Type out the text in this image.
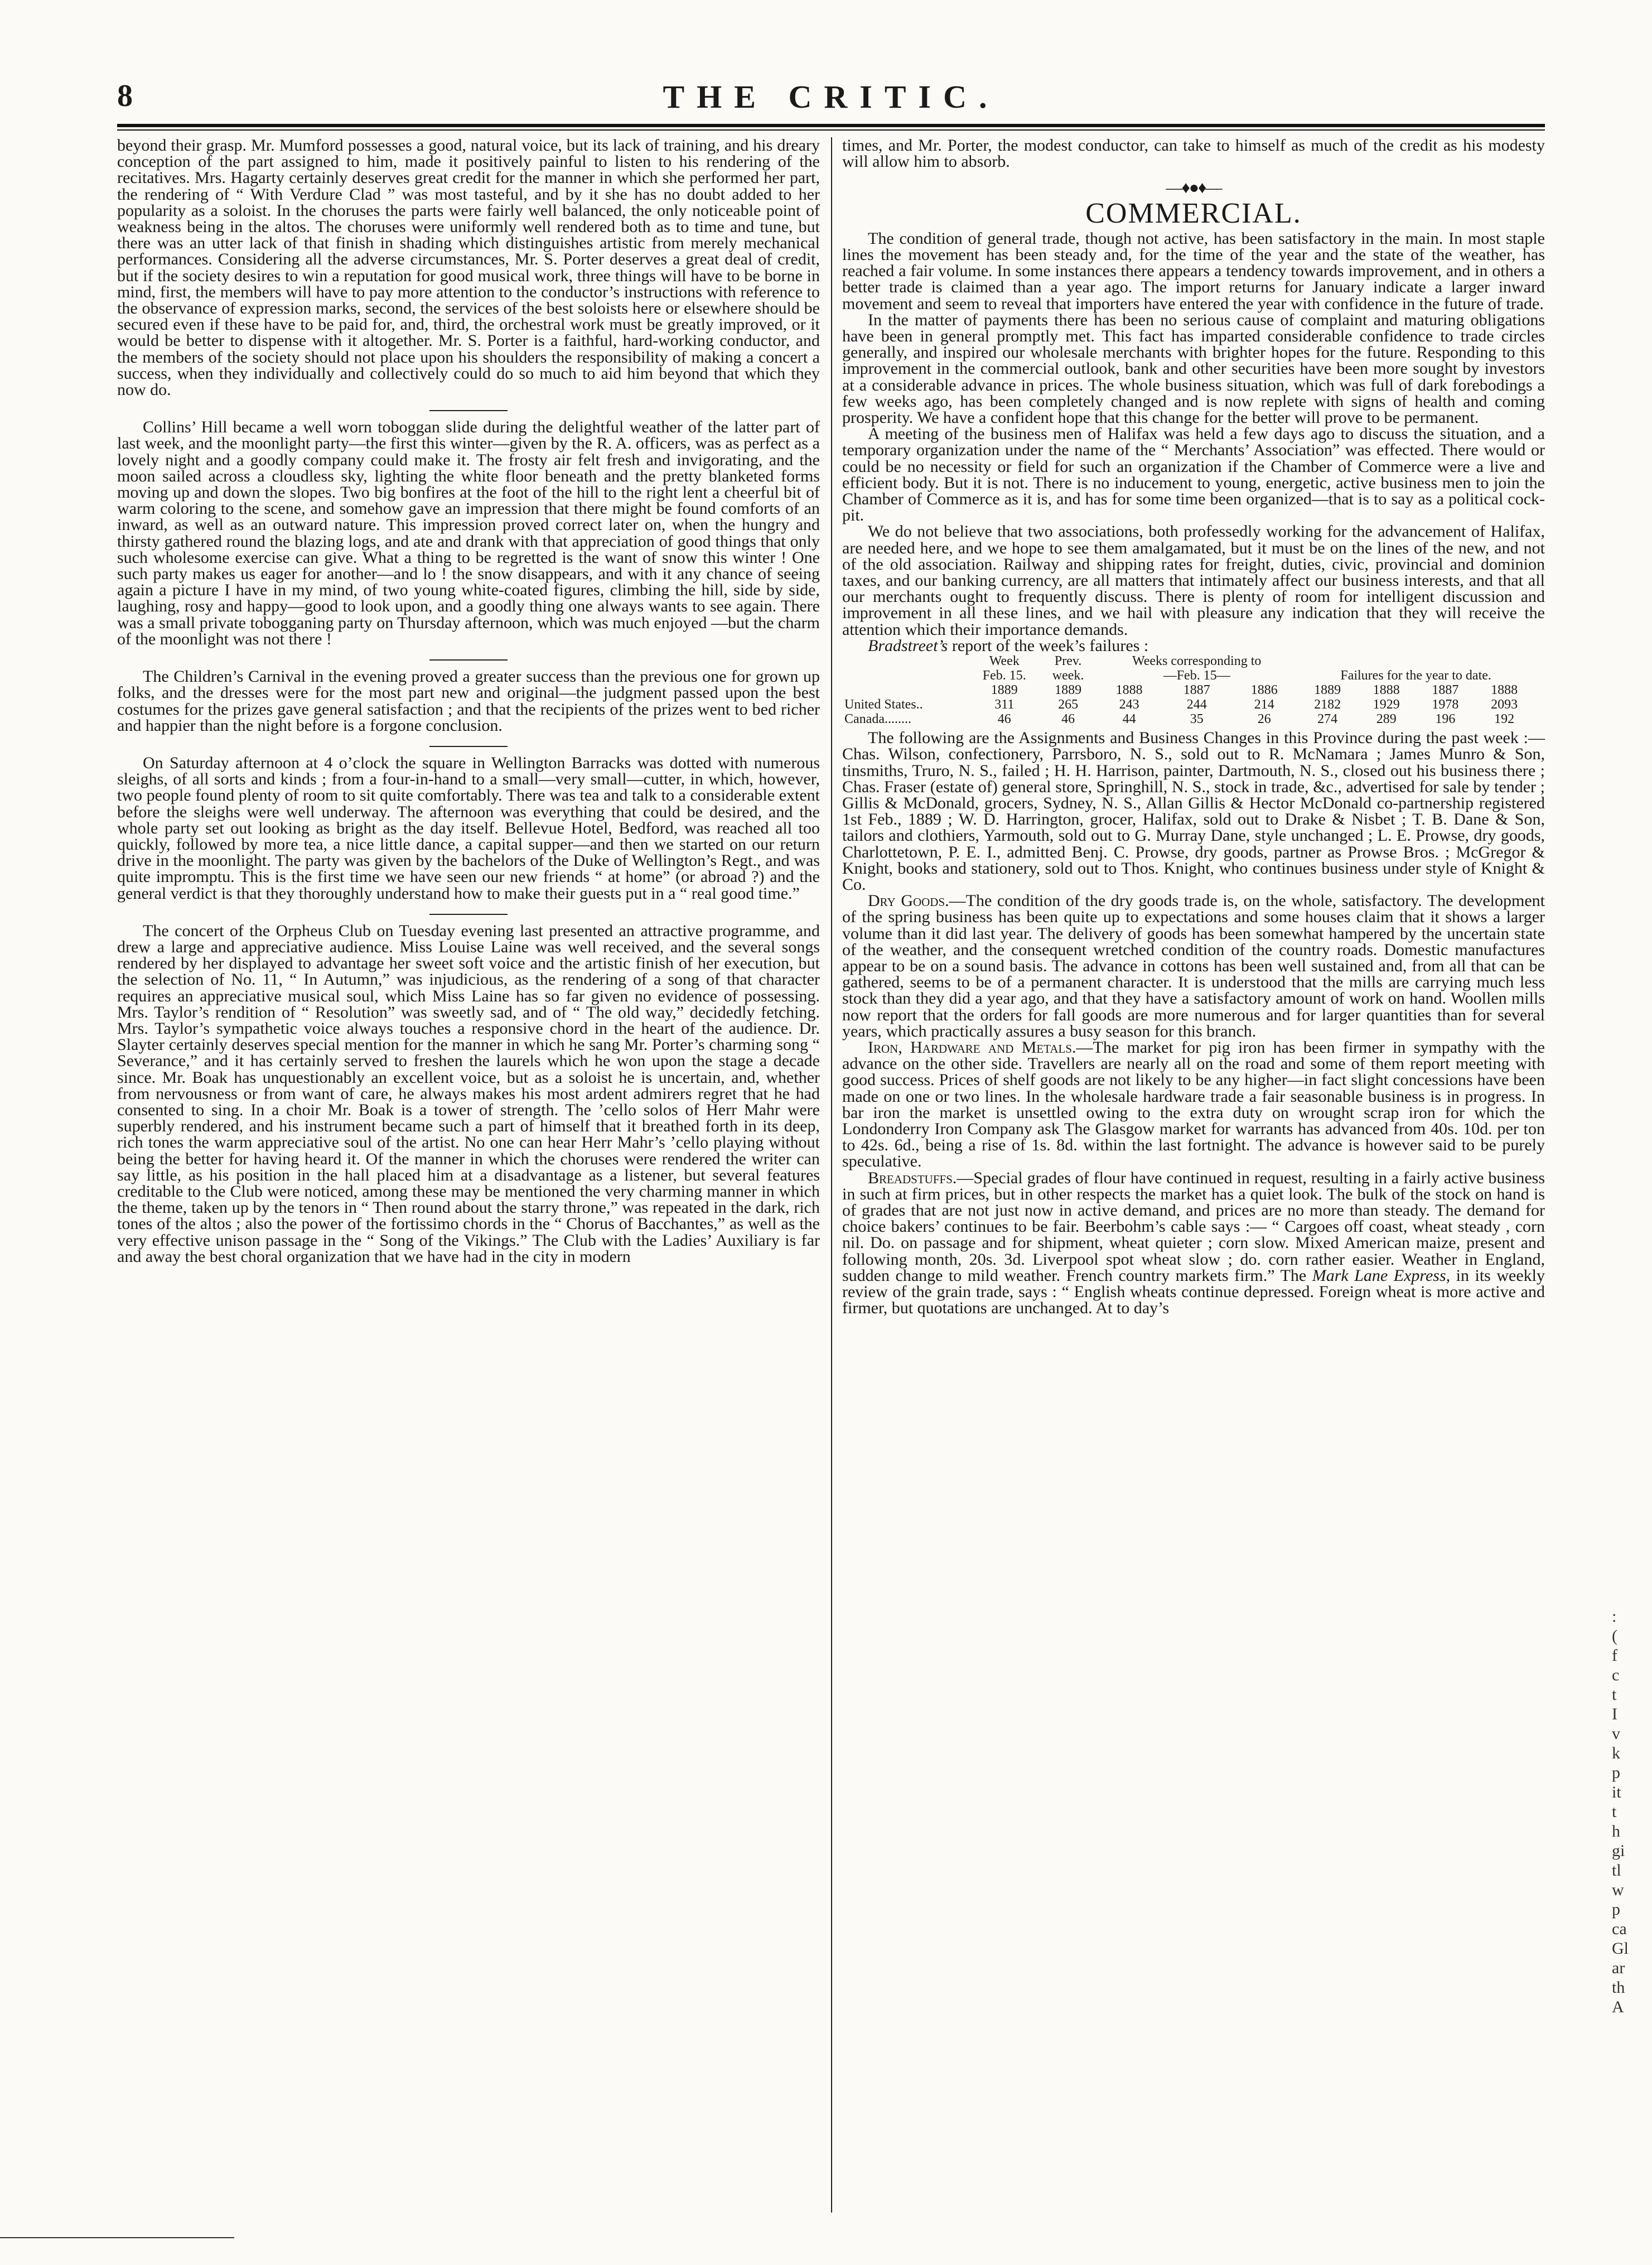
8	THE CRITIC.

beyond their grasp. Mr. Mumford possesses a good, natural voice, but its lack of training, and his dreary conception of the part assigned to him, made it positively painful to listen to his rendering of the recitatives. Mrs. Hagarty certainly deserves great credit for the manner in which she performed her part, the rendering of “ With Verdure Clad ” was most tasteful, and by it she has no doubt added to her popularity as a soloist. In the choruses the parts were fairly well balanced, the only noticeable point of weakness being in the altos. The choruses were uniformly well rendered both as to time and tune, but there was an utter lack of that finish in shading which distinguishes artistic from merely mechanical performances. Considering all the adverse circumstances, Mr. S. Porter deserves a great deal of credit, but if the society desires to win a reputation for good musical work, three things will have to be borne in mind, first, the members will have to pay more attention to the conductor’s instructions with reference to the observance of expression marks, second, the services of the best soloists here or elsewhere should be secured even if these have to be paid for, and, third, the orchestral work must be greatly improved, or it would be better to dispense with it altogether. Mr. S. Porter is a faithful, hard-working conductor, and the members of the society should not place upon his shoulders the responsibility of making a concert a success, when they individually and collectively could do so much to aid him beyond that which they now do.

Collins’ Hill became a well worn toboggan slide during the delightful weather of the latter part of last week, and the moonlight party—the first this winter—given by the R. A. officers, was as perfect as a lovely night and a goodly company could make it. The frosty air felt fresh and invigorating, and the moon sailed across a cloudless sky, lighting the white floor beneath and the pretty blanketed forms moving up and down the slopes. Two big bonfires at the foot of the hill to the right lent a cheerful bit of warm coloring to the scene, and somehow gave an impression that there might be found comforts of an inward, as well as an outward nature. This impression proved correct later on, when the hungry and thirsty gathered round the blazing logs, and ate and drank with that appreciation of good things that only such wholesome exercise can give. What a thing to be regretted is the want of snow this winter ! One such party makes us eager for another—and lo ! the snow disappears, and with it any chance of seeing again a picture I have in my mind, of two young white-coated figures, climbing the hill, side by side, laughing, rosy and happy—good to look upon, and a goodly thing one always wants to see again. There was a small private tobogganing party on Thursday afternoon, which was much enjoyed —but the charm of the moonlight was not there !

The Children’s Carnival in the evening proved a greater success than the previous one for grown up folks, and the dresses were for the most part new and original—the judgment passed upon the best costumes for the prizes gave general satisfaction ; and that the recipients of the prizes went to bed richer and happier than the night before is a forgone conclusion.

On Saturday afternoon at 4 o’clock the square in Wellington Barracks was dotted with numerous sleighs, of all sorts and kinds ; from a four-in-hand to a small—very small—cutter, in which, however, two people found plenty of room to sit quite comfortably. There was tea and talk to a considerable extent before the sleighs were well underway. The afternoon was everything that could be desired, and the whole party set out looking as bright as the day itself. Bellevue Hotel, Bedford, was reached all too quickly, followed by more tea, a nice little dance, a capital supper—and then we started on our return drive in the moonlight. The party was given by the bachelors of the Duke of Wellington’s Regt., and was quite impromptu. This is the first time we have seen our new friends “ at home” (or abroad ?) and the general verdict is that they thoroughly understand how to make their guests put in a “ real good time.”

The concert of the Orpheus Club on Tuesday evening last presented an attractive programme, and drew a large and appreciative audience. Miss Louise Laine was well received, and the several songs rendered by her displayed to advantage her sweet soft voice and the artistic finish of her execution, but the selection of No. 11, “ In Autumn,” was injudicious, as the rendering of a song of that character requires an appreciative musical soul, which Miss Laine has so far given no evidence of possessing. Mrs. Taylor’s rendition of “ Resolution” was sweetly sad, and of “ The old way,” decidedly fetching. Mrs. Taylor’s sympathetic voice always touches a responsive chord in the heart of the audience. Dr. Slayter certainly deserves special mention for the manner in which he sang Mr. Porter’s charming song “ Severance,” and it has certainly served to freshen the laurels which he won upon the stage a decade since. Mr. Boak has unquestionably an excellent voice, but as a soloist he is uncertain, and, whether from nervousness or from want of care, he always makes his most ardent admirers regret that he had consented to sing. In a choir Mr. Boak is a tower of strength. The ’cello solos of Herr Mahr were superbly rendered, and his instrument became such a part of himself that it breathed forth in its deep, rich tones the warm appreciative soul of the artist. No one can hear Herr Mahr’s ’cello playing without being the better for having heard it. Of the manner in which the choruses were rendered the writer can say little, as his position in the hall placed him at a disadvantage as a listener, but several features creditable to the Club were noticed, among these may be mentioned the very charming manner in which the theme, taken up by the tenors in “ Then round about the starry throne,” was repeated in the dark, rich tones of the altos ; also the power of the fortissimo chords in the “ Chorus of Bacchantes,” as well as the very effective unison passage in the “ Song of the Vikings.” The Club with the Ladies’ Auxiliary is far and away the best choral organization that we have had in the city in modern

times, and Mr. Porter, the modest conductor, can take to himself as much of the credit as his modesty will allow him to absorb.

—♦●♦—
COMMERCIAL.

The condition of general trade, though not active, has been satisfactory in the main. In most staple lines the movement has been steady and, for the time of the year and the state of the weather, has reached a fair volume. In some instances there appears a tendency towards improvement, and in others a better trade is claimed than a year ago. The import returns for January indicate a larger inward movement and seem to reveal that importers have entered the year with confidence in the future of trade.

In the matter of payments there has been no serious cause of complaint and maturing obligations have been in general promptly met. This fact has imparted considerable confidence to trade circles generally, and inspired our wholesale merchants with brighter hopes for the future. Responding to this improvement in the commercial outlook, bank and other securities have been more sought by investors at a considerable advance in prices. The whole business situation, which was full of dark forebodings a few weeks ago, has been completely changed and is now replete with signs of health and coming prosperity. We have a confident hope that this change for the better will prove to be permanent.

A meeting of the business men of Halifax was held a few days ago to discuss the situation, and a temporary organization under the name of the “ Merchants’ Association” was effected. There would or could be no necessity or field for such an organization if the Chamber of Commerce were a live and efficient body. But it is not. There is no inducement to young, energetic, active business men to join the Chamber of Commerce as it is, and has for some time been organized—that is to say as a political cock-pit.

We do not believe that two associations, both professedly working for the advancement of Halifax, are needed here, and we hope to see them amalgamated, but it must be on the lines of the new, and not of the old association. Railway and shipping rates for freight, duties, civic, provincial and dominion taxes, and our banking currency, are all matters that intimately affect our business interests, and that all our merchants ought to frequently discuss. There is plenty of room for intelligent discussion and improvement in all these lines, and we hail with pleasure any indication that they will receive the attention which their importance demands.

Bradstreet’s report of the week’s failures :

	Week	Prev.	Weeks corresponding to						
	Feb. 15.	week.	—Feb. 15—			Failures for the year to date.			
	1889	1889	1888	1887	1886	1889	1888	1887	1888
United States..	311	265	243	244	214	2182	1929	1978	2093
Canada........	46	46	44	35	26	274	289	196	192

The following are the Assignments and Business Changes in this Province during the past week :—Chas. Wilson, confectionery, Parrsboro, N. S., sold out to R. McNamara ; James Munro & Son, tinsmiths, Truro, N. S., failed ; H. H. Harrison, painter, Dartmouth, N. S., closed out his business there ; Chas. Fraser (estate of) general store, Springhill, N. S., stock in trade, &c., advertised for sale by tender ; Gillis & McDonald, grocers, Sydney, N. S., Allan Gillis & Hector McDonald co-partnership registered 1st Feb., 1889 ; W. D. Harrington, grocer, Halifax, sold out to Drake & Nisbet ; T. B. Dane & Son, tailors and clothiers, Yarmouth, sold out to G. Murray Dane, style unchanged ; L. E. Prowse, dry goods, Charlottetown, P. E. I., admitted Benj. C. Prowse, dry goods, partner as Prowse Bros. ; McGregor & Knight, books and stationery, sold out to Thos. Knight, who continues business under style of Knight & Co.

Dry Goods.—The condition of the dry goods trade is, on the whole, satisfactory. The development of the spring business has been quite up to expectations and some houses claim that it shows a larger volume than it did last year. The delivery of goods has been somewhat hampered by the uncertain state of the weather, and the consequent wretched condition of the country roads. Domestic manufactures appear to be on a sound basis. The advance in cottons has been well sustained and, from all that can be gathered, seems to be of a permanent character. It is understood that the mills are carrying much less stock than they did a year ago, and that they have a satisfactory amount of work on hand. Woollen mills now report that the orders for fall goods are more numerous and for larger quantities than for several years, which practically assures a busy season for this branch.

Iron, Hardware and Metals.—The market for pig iron has been firmer in sympathy with the advance on the other side. Travellers are nearly all on the road and some of them report meeting with good success. Prices of shelf goods are not likely to be any higher—in fact slight concessions have been made on one or two lines. In the wholesale hardware trade a fair seasonable business is in progress. In bar iron the market is unsettled owing to the extra duty on wrought scrap iron for which the Londonderry Iron Company ask The Glasgow market for warrants has advanced from 40s. 10d. per ton to 42s. 6d., being a rise of 1s. 8d. within the last fortnight. The advance is however said to be purely speculative.

Breadstuffs.—Special grades of flour have continued in request, resulting in a fairly active business in such at firm prices, but in other respects the market has a quiet look. The bulk of the stock on hand is of grades that are not just now in active demand, and prices are no more than steady. The demand for choice bakers’ continues to be fair. Beerbohm’s cable says :— “ Cargoes off coast, wheat steady , corn nil. Do. on passage and for shipment, wheat quieter ; corn slow. Mixed American maize, present and following month, 20s. 3d. Liverpool spot wheat slow ; do. corn rather easier. Weather in England, sudden change to mild weather. French country markets firm.” The Mark Lane Express, in its weekly review of the grain trade, says : “ English wheats continue depressed. Foreign wheat is more active and firmer, but quotations are unchanged. At to day’s

:
(
f
c
t
I
v
k
p
it
t
h
gi
tl
w
p
ca
Gl
ar
th
A
